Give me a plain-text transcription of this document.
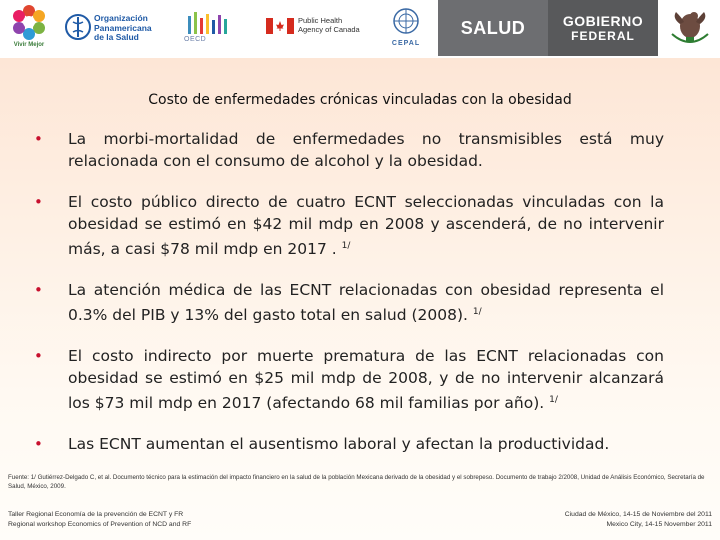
Vivir Mejor
Organización
Panamericana
de la Salud	OECD
Public Health
Agency of Canada
CEPAL
SALUD	GOBIERNO
FEDERAL
Costo de enfermedades crónicas vinculadas con la obesidad
• La morbi-mortalidad de enfermedades no transmisibles está muy relacionada con el consumo de alcohol y la obesidad.
• El costo público directo de cuatro ECNT seleccionadas vinculadas con la obesidad se estimó en $42 mil mdp en 2008 y ascenderá, de no intervenir más, a casi $78 mil mdp en 2017 . $^{1/}$
• La atención médica de las ECNT relacionadas con obesidad representa el 0.3% del PIB y 13% del gasto total en salud (2008). $^{1/}$
• El costo indirecto por muerte prematura de las ECNT relacionadas con obesidad se estimó en $25 mil mdp de 2008, y de no intervenir alcanzará los $73 mil mdp en 2017 (afectando 68 mil familias por año). $^{1/}$
• Las ECNT aumentan el ausentismo laboral y afectan la productividad.
Fuente: 1/ Gutiérrez-Delgado C, et al. Documento técnico para la estimación del impacto financiero en la salud de la población Mexicana derivado de la obesidad y el sobrepeso. Documento de trabajo 2/2008, Unidad de Análisis Económico, Secretaría de Salud, México, 2009.
Taller Regional Economía de la prevención de ECNT y FR
Regional workshop Economics of Prevention of NCD and RF
Ciudad de México, 14-15 de Noviembre del 2011
Mexico City, 14-15 November 2011
